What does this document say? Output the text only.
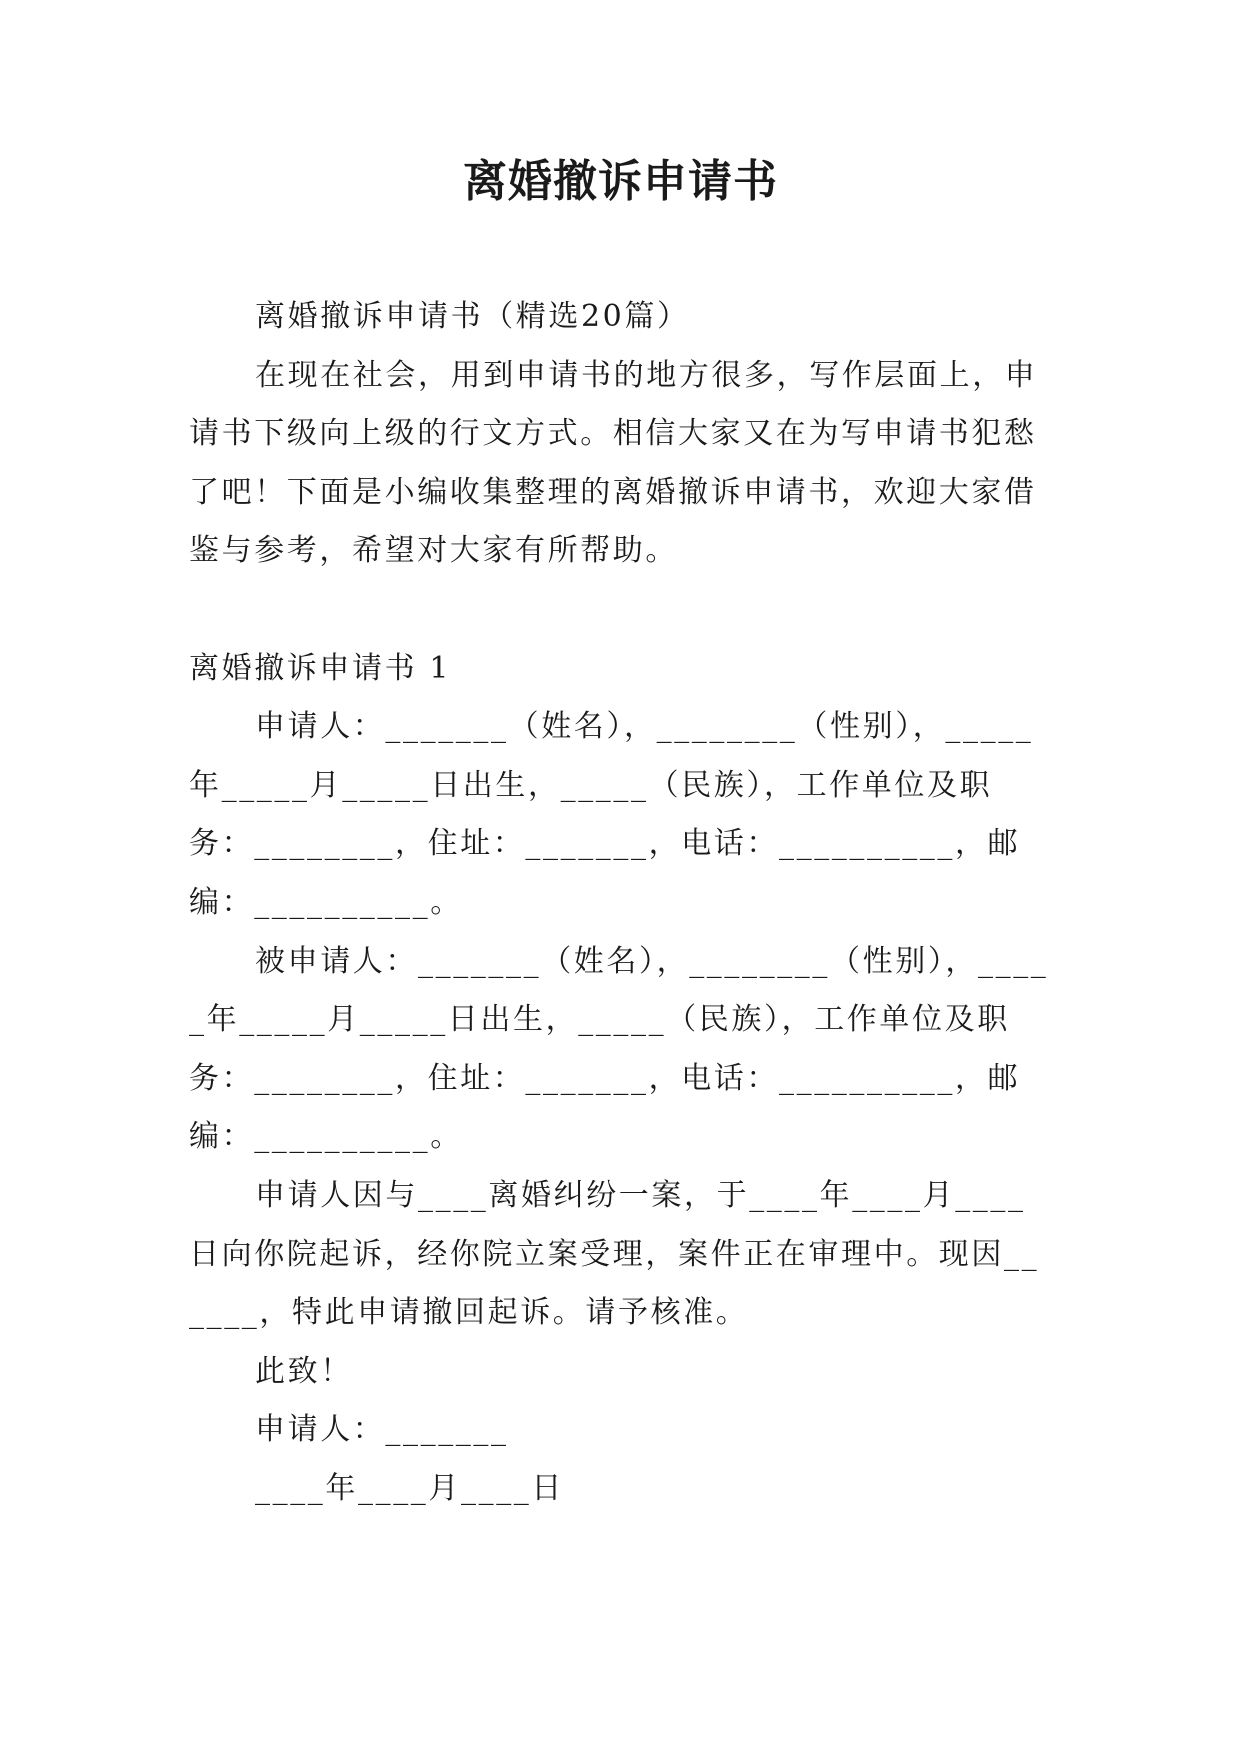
离婚撤诉申请书

离婚撤诉申请书（精选20篇）

在现在社会，用到申请书的地方很多，写作层面上，申请书下级向上级的行文方式。相信大家又在为写申请书犯愁了吧！下面是小编收集整理的离婚撤诉申请书，欢迎大家借鉴与参考，希望对大家有所帮助。

离婚撤诉申请书 1

申请人：_______（姓名），________（性别），_____年_____月_____日出生，_____（民族），工作单位及职务：________，住址：_______，电话：__________，邮编：__________。

被申请人：_______（姓名），________（性别），_____年_____月_____日出生，_____（民族），工作单位及职务：________，住址：_______，电话：__________，邮编：__________。

申请人因与____离婚纠纷一案，于____年____月____日向你院起诉，经你院立案受理，案件正在审理中。现因______，特此申请撤回起诉。请予核准。

此致！

申请人：_______

____年____月____日
